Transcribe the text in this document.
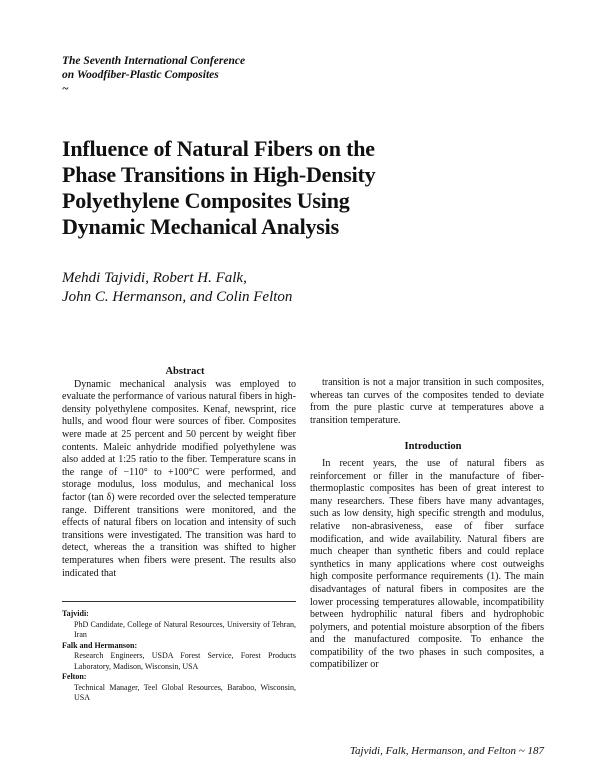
The Seventh International Conference
on Woodfiber-Plastic Composites
~
Influence of Natural Fibers on the
Phase Transitions in High-Density
Polyethylene Composites Using
Dynamic Mechanical Analysis
Mehdi Tajvidi, Robert H. Falk,
John C. Hermanson, and Colin Felton

Abstract

Dynamic mechanical analysis was employed to evaluate the performance of various natural fibers in high-density polyethylene composites. Kenaf, newsprint, rice hulls, and wood flour were sources of fiber. Composites were made at 25 percent and 50 percent by weight fiber contents. Maleic anhydride modified polyethylene was also added at 1:25 ratio to the fiber. Temperature scans in the range of −110° to +100°C were performed, and storage modulus, loss modulus, and mechanical loss factor (tan δ) were recorded over the selected temperature range. Different transitions were monitored, and the effects of natural fibers on location and intensity of such transitions were investigated. The transition was hard to detect, whereas the a transition was shifted to higher temperatures when fibers were present. The results also indicated that

transition is not a major transition in such composites, whereas tan curves of the composites tended to deviate from the pure plastic curve at temperatures above a transition temperature.

Introduction

In recent years, the use of natural fibers as reinforcement or filler in the manufacture of fiber-thermoplastic composites has been of great interest to many researchers. These fibers have many advantages, such as low density, high specific strength and modulus, relative non-abrasiveness, ease of fiber surface modification, and wide availability. Natural fibers are much cheaper than synthetic fibers and could replace synthetics in many applications where cost outweighs high composite performance requirements (1). The main disadvantages of natural fibers in composites are the lower processing temperatures allowable, incompatibility between hydrophilic natural fibers and hydrophobic polymers, and potential moisture absorption of the fibers and the manufactured composite. To enhance the compatibility of the two phases in such composites, a compatibilizer or

Tajvidi:
PhD Candidate, College of Natural Resources, University of Tehran, Iran
Falk and Hermanson:
Research Engineers, USDA Forest Service, Forest Products Laboratory, Madison, Wisconsin, USA
Felton:
Technical Manager, Teel Global Resources, Baraboo, Wisconsin, USA
Tajvidi, Falk, Hermanson, and Felton ~ 187
